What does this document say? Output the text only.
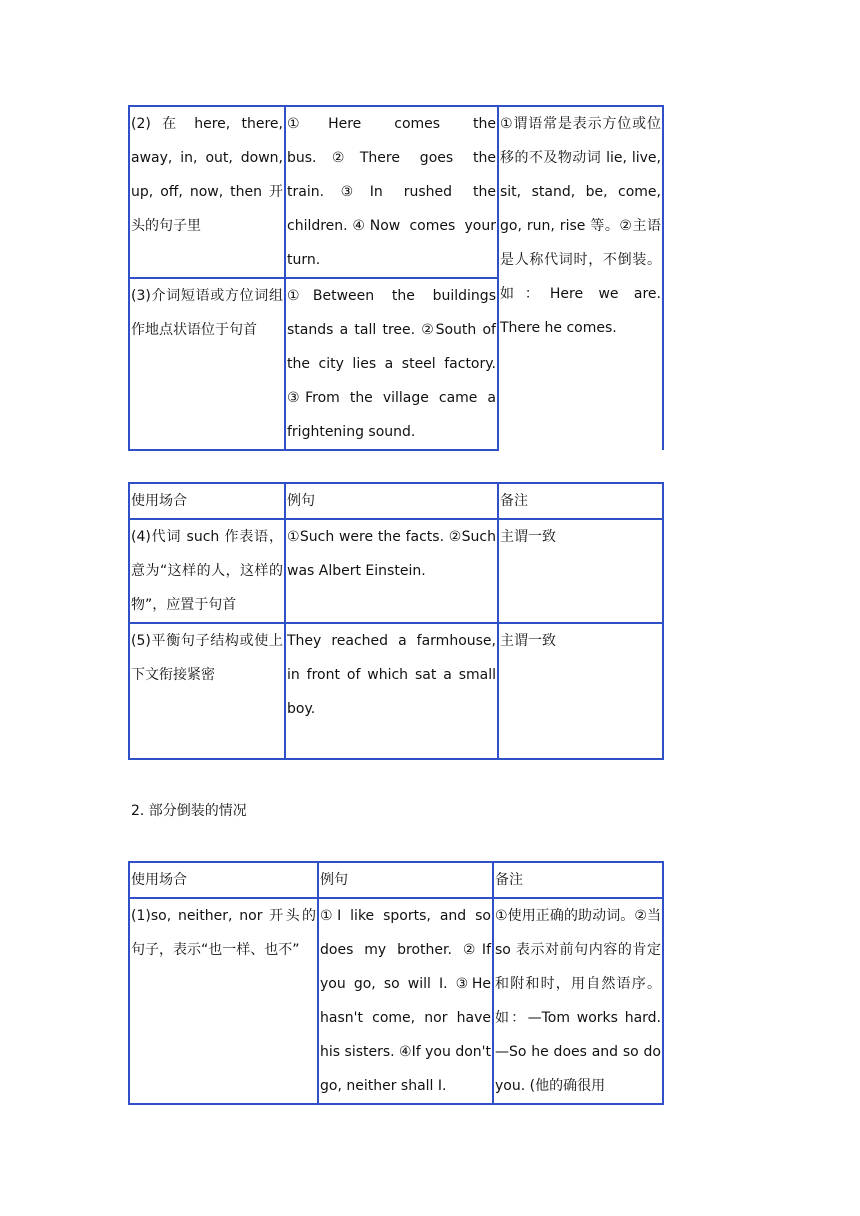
(2) 在 here, there, away, in, out, down, up, off, now, then 开头的句子里	①Here comes the bus.②There goes the train.③In rushed the children.④Now comes your turn.	①谓语常是表示方位或位移的不及物动词 lie, live, sit, stand, be, come, go, run, rise 等。②主语是人称代词时，不倒装。如：Here we are. There he comes.
(3)介词短语或方位词组作地点状语位于句首	①Between the buildings stands a tall tree. ②South of the city lies a steel factory. ③From the village came a frightening sound.	
使用场合	例句	备注
(4)代词 such 作表语，意为“这样的人，这样的物”，应置于句首	①Such were the facts. ②Such was Albert Einstein.	主谓一致
(5)平衡句子结构或使上下文衔接紧密	They reached a farmhouse, in front of which sat a small boy.	主谓一致
2. 部分倒装的情况
使用场合	例句	备注
(1)so, neither, nor 开头的句子，表示“也一样、也不”	①I like sports, and so does my brother. ②If you go, so will I. ③He hasn't come, nor have his sisters. ④If you don't go, neither shall I.	①使用正确的助动词。②当 so 表示对前句内容的肯定和附和时，用自然语序。如：—Tom works hard. —So he does and so do you. (他的确很用
